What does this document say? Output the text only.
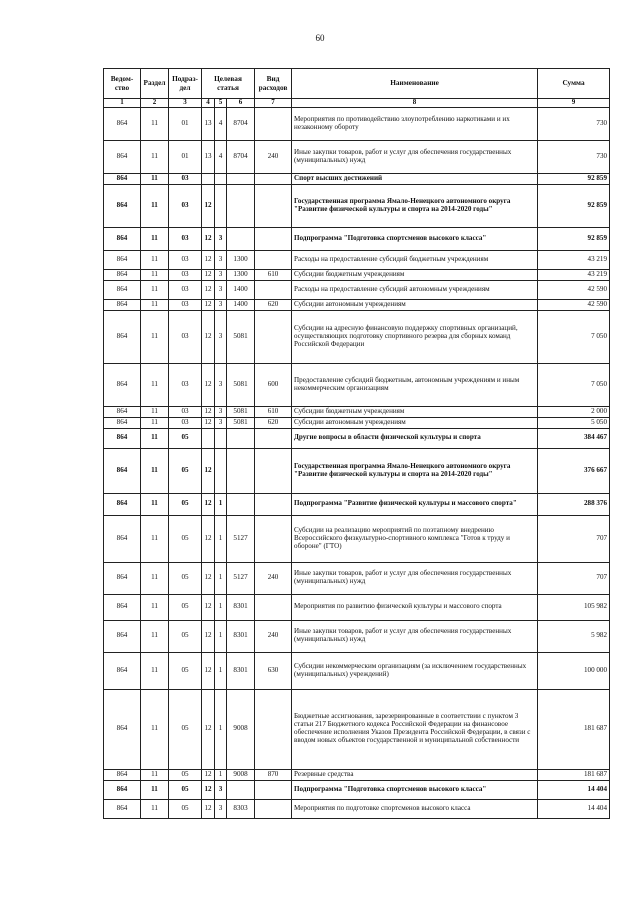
60
Ведом-ство	Раздел	Подраз-дел	Целевая статья			Вид расходов	Наименование	Сумма
1	2	3	4	5	6	7	8	9
864	11	01	13	4	8704		Мероприятия по противодействию злоупотреблению наркотиками и их незаконному обороту	730
864	11	01	13	4	8704	240	Иные закупки товаров, работ и услуг для обеспечения государственных (муниципальных) нужд	730
864	11	03					Спорт высших достижений	92 859
864	11	03	12				Государственная программа Ямало-Ненецкого автономного округа "Развитие физической культуры и спорта на 2014-2020 годы"	92 859
864	11	03	12	3			Подпрограмма "Подготовка спортсменов высокого класса"	92 859
864	11	03	12	3	1300		Расходы на предоставление субсидий бюджетным учреждениям	43 219
864	11	03	12	3	1300	610	Субсидии бюджетным учреждениям	43 219
864	11	03	12	3	1400		Расходы на предоставление субсидий автономным учреждениям	42 590
864	11	03	12	3	1400	620	Субсидии автономным учреждениям	42 590
864	11	03	12	3	5081		Субсидии на адресную финансовую поддержку спортивных организаций, осуществляющих подготовку спортивного резерва для сборных команд Российской Федерации	7 050
864	11	03	12	3	5081	600	Предоставление субсидий бюджетным, автономным учреждениям и иным некоммерческим организациям	7 050
864	11	03	12	3	5081	610	Субсидии бюджетным учреждениям	2 000
864	11	03	12	3	5081	620	Субсидии автономным учреждениям	5 050
864	11	05					Другие вопросы в области физической культуры и спорта	384 467
864	11	05	12				Государственная программа Ямало-Ненецкого автономного округа "Развитие физической культуры и спорта на 2014-2020 годы"	376 667
864	11	05	12	1			Подпрограмма "Развитие физической культуры и массового спорта"	288 376
864	11	05	12	1	5127		Субсидии на реализацию мероприятий по поэтапному внедрению Всероссийского физкультурно-спортивного комплекса "Готов к труду и обороне" (ГТО)	707
864	11	05	12	1	5127	240	Иные закупки товаров, работ и услуг для обеспечения государственных (муниципальных) нужд	707
864	11	05	12	1	8301		Мероприятия по развитию физической культуры и массового спорта	105 982
864	11	05	12	1	8301	240	Иные закупки товаров, работ и услуг для обеспечения государственных (муниципальных) нужд	5 982
864	11	05	12	1	8301	630	Субсидии некоммерческим организациям (за исключением государственных (муниципальных) учреждений)	100 000
864	11	05	12	1	9008		Бюджетные ассигнования, зарезервированные в соответствии с пунктом 3 статьи 217 Бюджетного кодекса Российской Федерации на финансовое обеспечение исполнения Указов Президента Российской Федерации, в связи с вводом новых объектов государственной и муниципальной собственности	181 687
864	11	05	12	1	9008	870	Резервные средства	181 687
864	11	05	12	3			Подпрограмма "Подготовка спортсменов высокого класса"	14 404
864	11	05	12	3	8303		Мероприятия по подготовке спортсменов высокого класса	14 404
